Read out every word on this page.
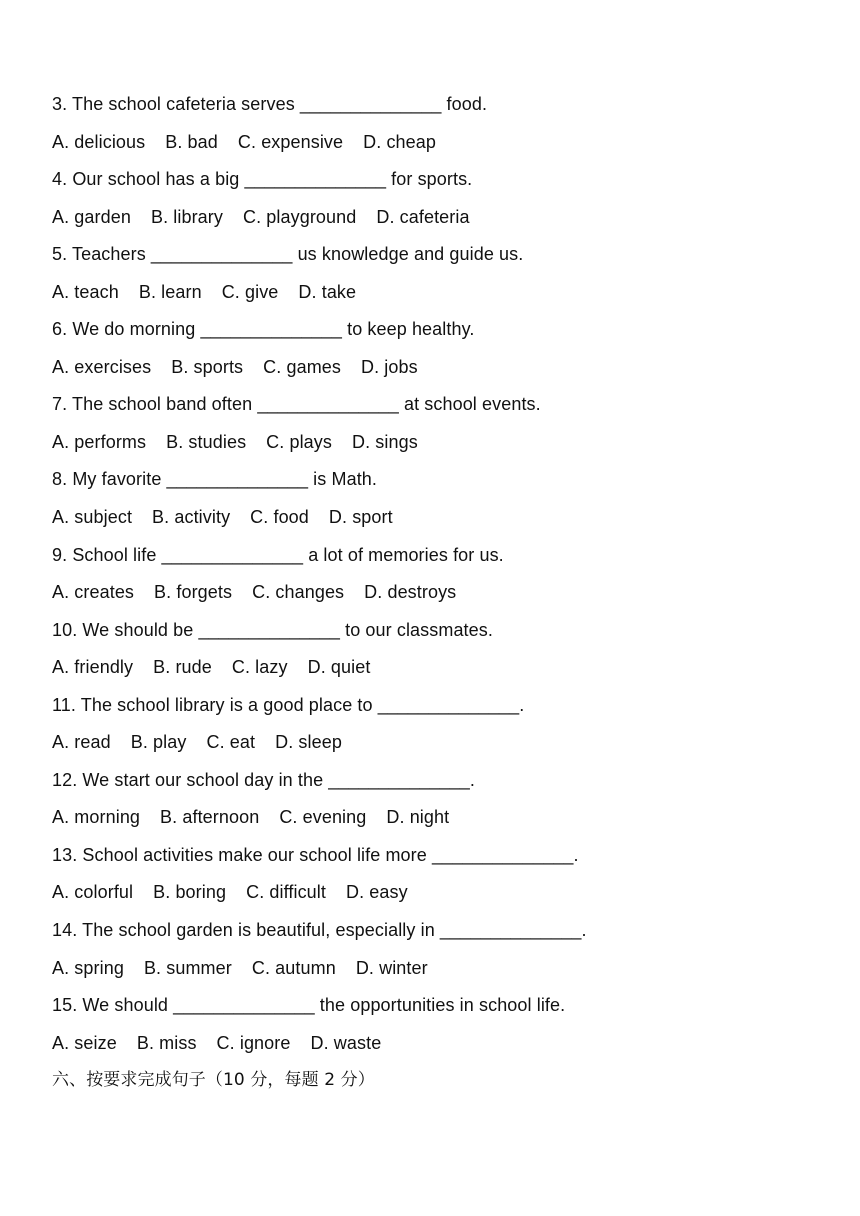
3. The school cafeteria serves ______________ food.
A. delicious B. bad C. expensive D. cheap
4. Our school has a big ______________ for sports.
A. garden B. library C. playground D. cafeteria
5. Teachers ______________ us knowledge and guide us.
A. teach B. learn C. give D. take
6. We do morning ______________ to keep healthy.
A. exercises B. sports C. games D. jobs
7. The school band often ______________ at school events.
A. performs B. studies C. plays D. sings
8. My favorite ______________ is Math.
A. subject B. activity C. food D. sport
9. School life ______________ a lot of memories for us.
A. creates B. forgets C. changes D. destroys
10. We should be ______________ to our classmates.
A. friendly B. rude C. lazy D. quiet
11. The school library is a good place to ______________.
A. read B. play C. eat D. sleep
12. We start our school day in the ______________.
A. morning B. afternoon C. evening D. night
13. School activities make our school life more ______________.
A. colorful B. boring C. difficult D. easy
14. The school garden is beautiful, especially in ______________.
A. spring B. summer C. autumn D. winter
15. We should ______________ the opportunities in school life.
A. seize B. miss C. ignore D. waste
六、按要求完成句子（10 分，每题 2 分）
